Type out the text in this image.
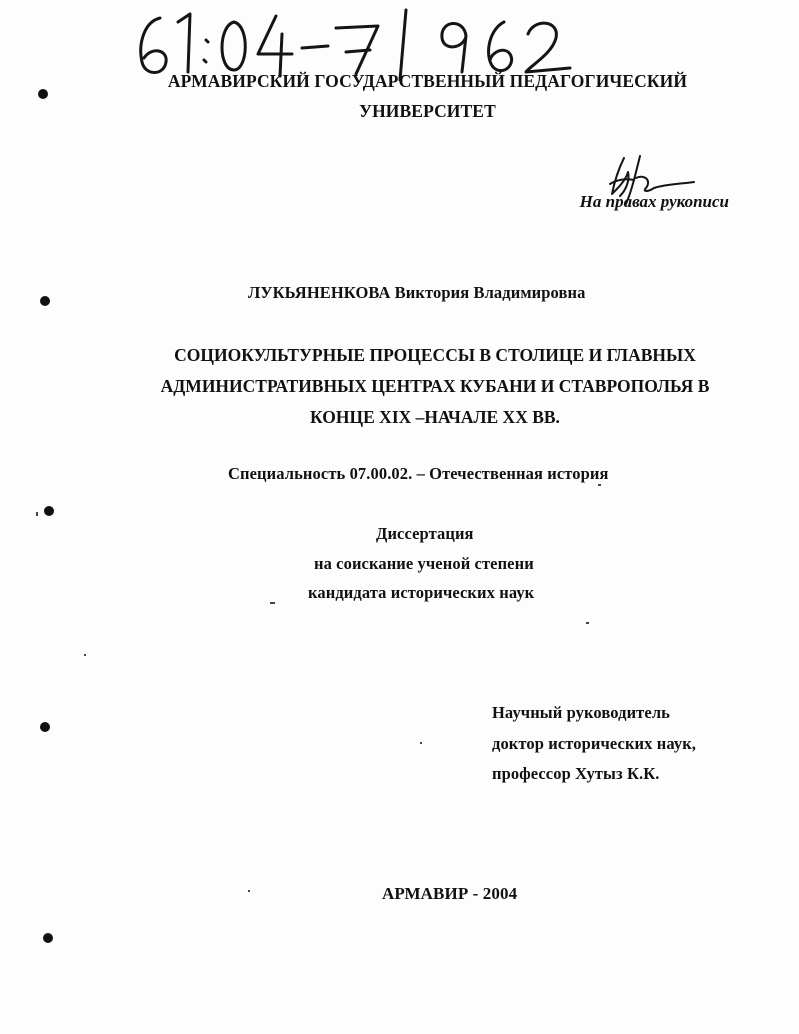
АРМАВИРСКИЙ ГОСУДАРСТВЕННЫЙ ПЕДАГОГИЧЕСКИЙ
УНИВЕРСИТЕТ
На правах рукописи
ЛУКЬЯНЕНКОВА Виктория Владимировна
СОЦИОКУЛЬТУРНЫЕ ПРОЦЕССЫ В СТОЛИЦЕ И ГЛАВНЫХ
АДМИНИСТРАТИВНЫХ ЦЕНТРАХ КУБАНИ И СТАВРОПОЛЬЯ В
КОНЦЕ XIX –НАЧАЛЕ XX ВВ.
Специальность 07.00.02. – Отечественная история
Диссертация
на соискание ученой степени
кандидата исторических наук
Научный руководитель
доктор исторических наук,
профессор Хутыз К.К.
АРМАВИР - 2004
